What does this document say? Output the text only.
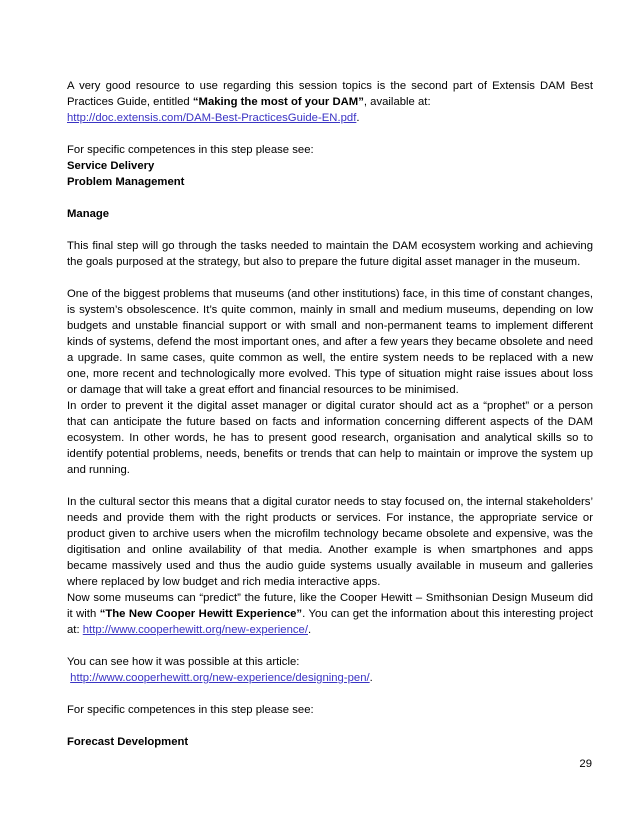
A very good resource to use regarding this session topics is the second part of Extensis DAM Best Practices Guide, entitled “Making the most of your DAM”, available at:
http://doc.extensis.com/DAM-Best-PracticesGuide-EN.pdf.

For specific competences in this step please see:

Service Delivery

Problem Management

Manage

This final step will go through the tasks needed to maintain the DAM ecosystem working and achieving the goals purposed at the strategy, but also to prepare the future digital asset manager in the museum.

One of the biggest problems that museums (and other institutions) face, in this time of constant changes, is system’s obsolescence. It’s quite common, mainly in small and medium museums, depending on low budgets and unstable financial support or with small and non-permanent teams to implement different kinds of systems, defend the most important ones, and after a few years they became obsolete and need a upgrade. In same cases, quite common as well, the entire system needs to be replaced with a new one, more recent and technologically more evolved. This type of situation might raise issues about loss or damage that will take a great effort and financial resources to be minimised.

In order to prevent it the digital asset manager or digital curator should act as a “prophet” or a person that can anticipate the future based on facts and information concerning different aspects of the DAM ecosystem. In other words, he has to present good research, organisation and analytical skills so to identify potential problems, needs, benefits or trends that can help to maintain or improve the system up and running.

In the cultural sector this means that a digital curator needs to stay focused on, the internal stakeholders’ needs and provide them with the right products or services. For instance, the appropriate service or product given to archive users when the microfilm technology became obsolete and expensive, was the digitisation and online availability of that media. Another example is when smartphones and apps became massively used and thus the audio guide systems usually available in museum and galleries where replaced by low budget and rich media interactive apps.

Now some museums can “predict” the future, like the Cooper Hewitt – Smithsonian Design Museum did it with “The New Cooper Hewitt Experience”. You can get the information about this interesting project at: http://www.cooperhewitt.org/new-experience/.

You can see how it was possible at this article:

http://www.cooperhewitt.org/new-experience/designing-pen/.

For specific competences in this step please see:

Forecast Development

29
